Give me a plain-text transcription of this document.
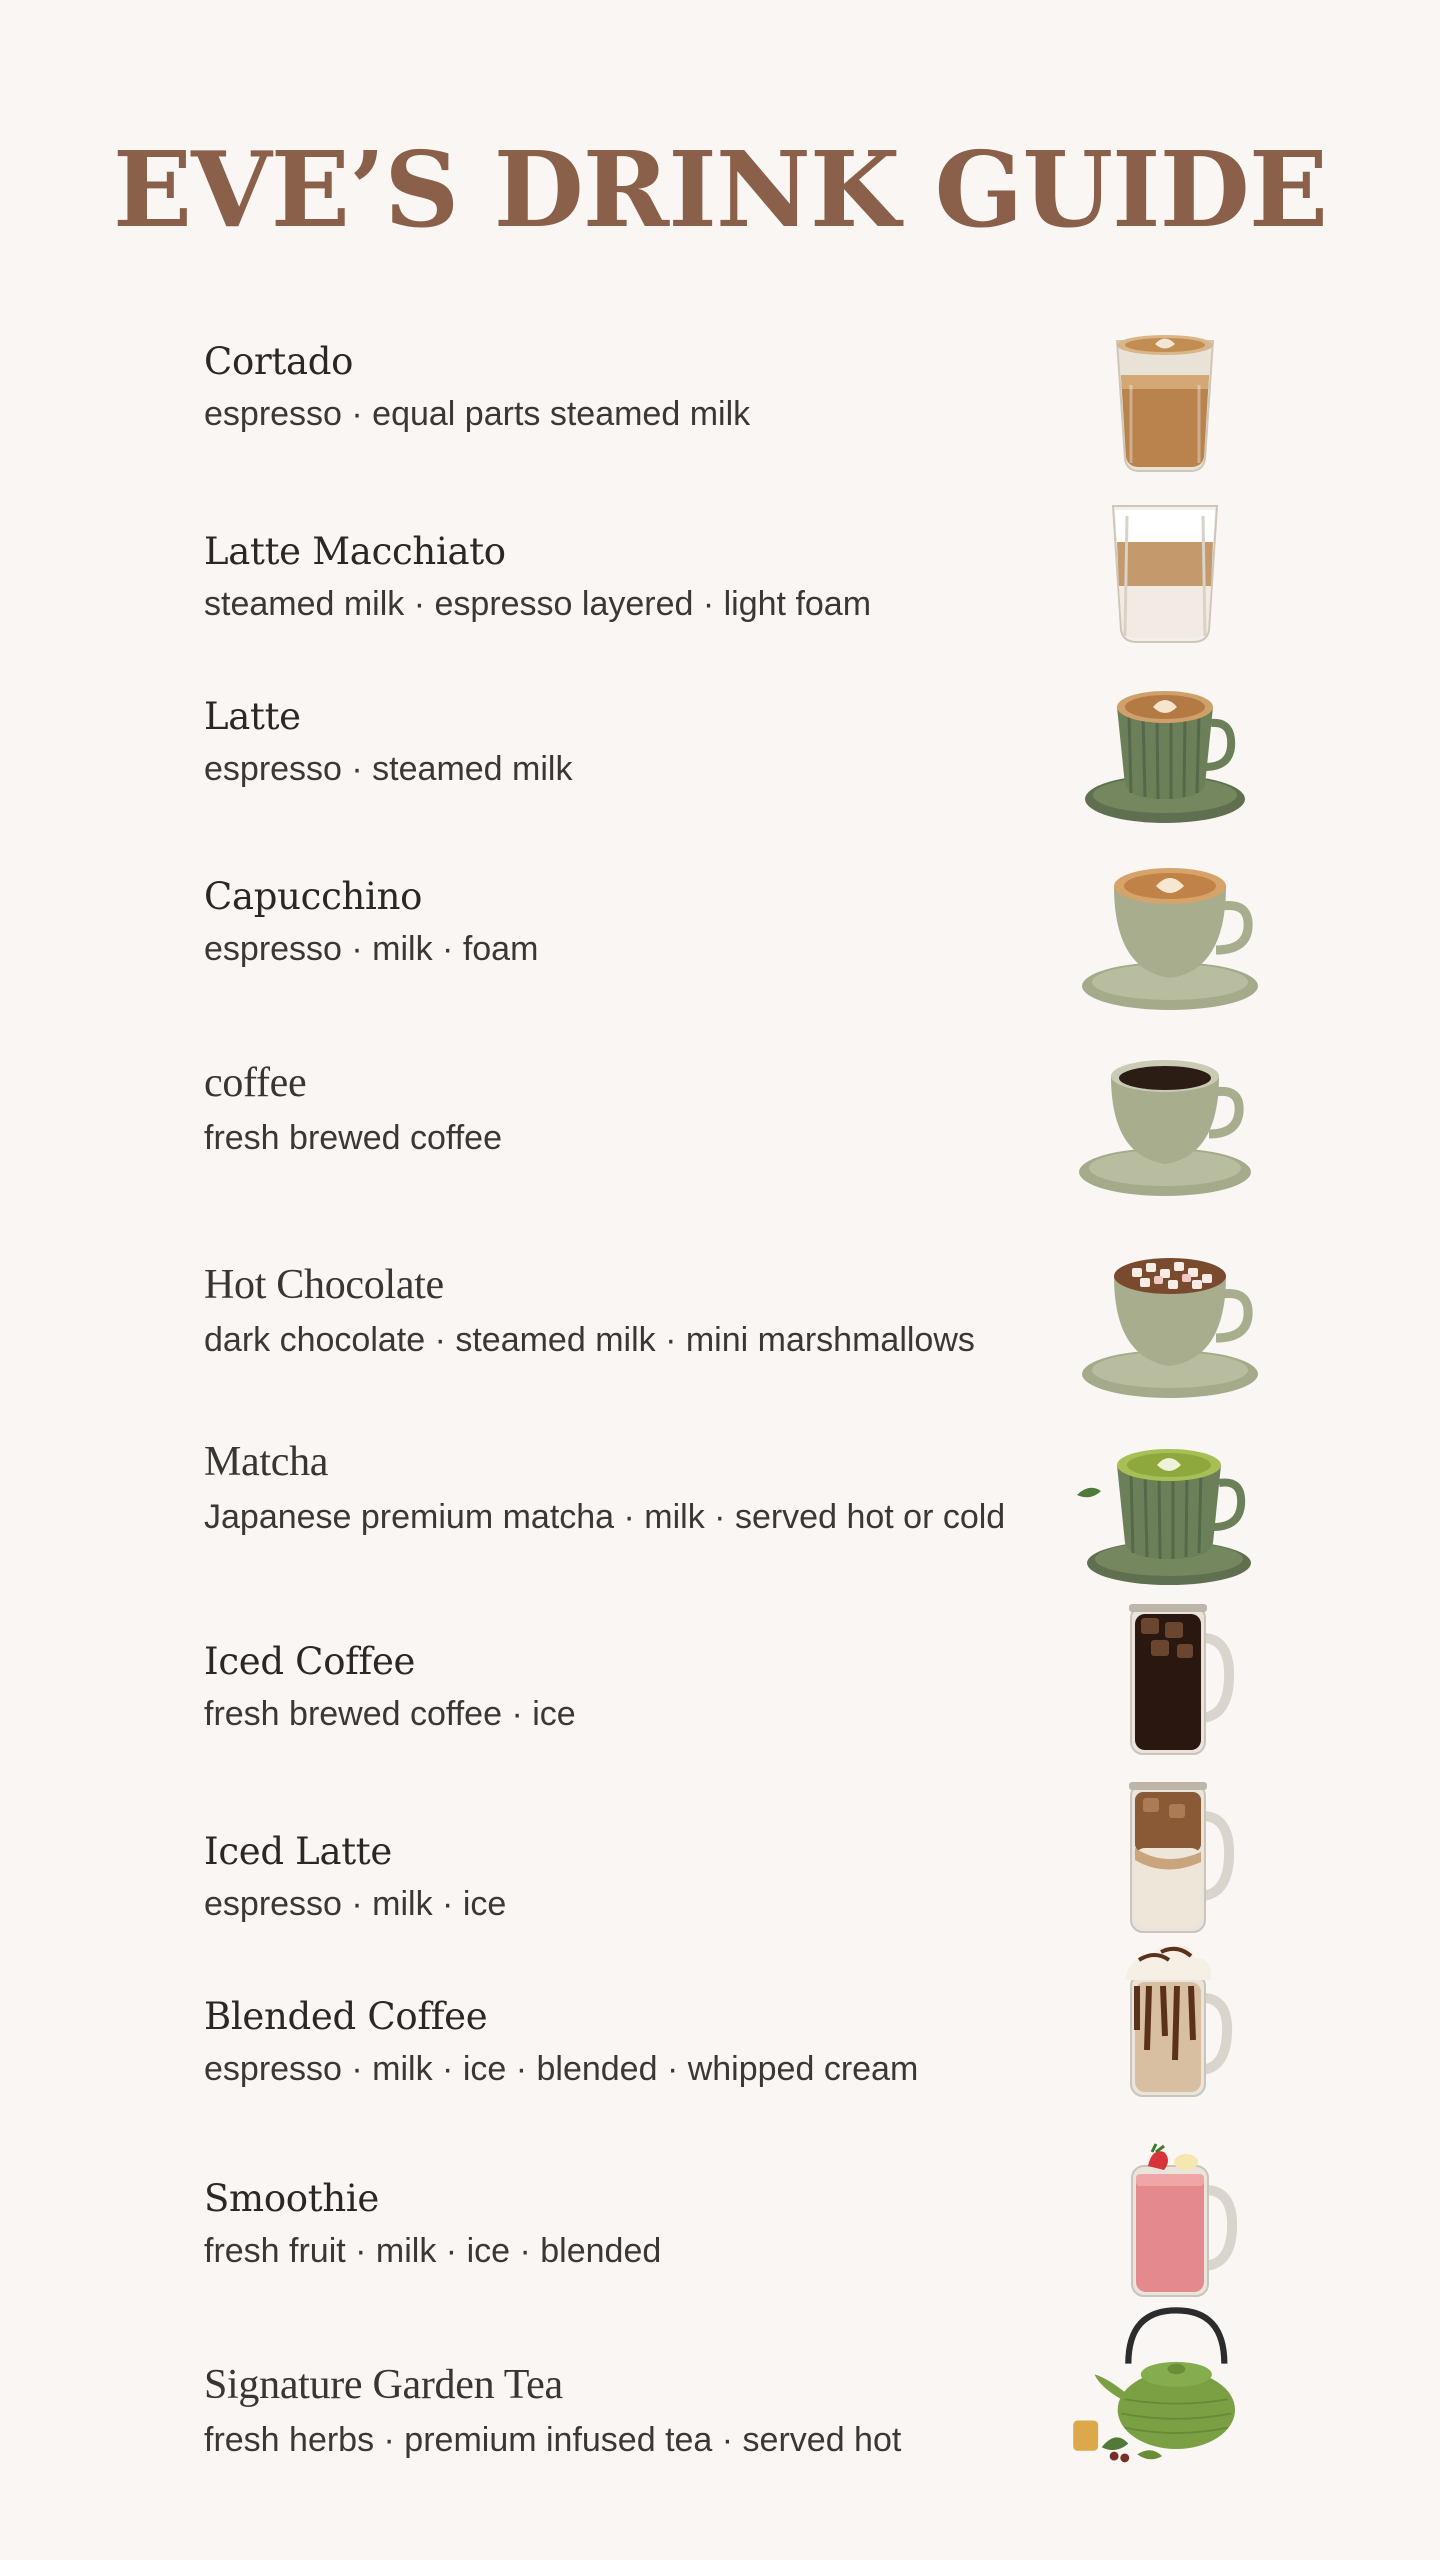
EVE’S DRINK GUIDE
Cortado
espresso · equal parts steamed milk
Latte Macchiato
steamed milk · espresso layered · light foam
Latte
espresso · steamed milk
Capucchino
espresso · milk · foam
coffee
fresh brewed coffee
Hot Chocolate
dark chocolate · steamed milk · mini marshmallows
Matcha
Japanese premium matcha · milk · served hot or cold
Iced Coffee
fresh brewed coffee · ice
Iced Latte
espresso · milk · ice
Blended Coffee
espresso · milk · ice · blended · whipped cream
Smoothie
fresh fruit · milk · ice · blended
Signature Garden Tea
fresh herbs · premium infused tea · served hot
